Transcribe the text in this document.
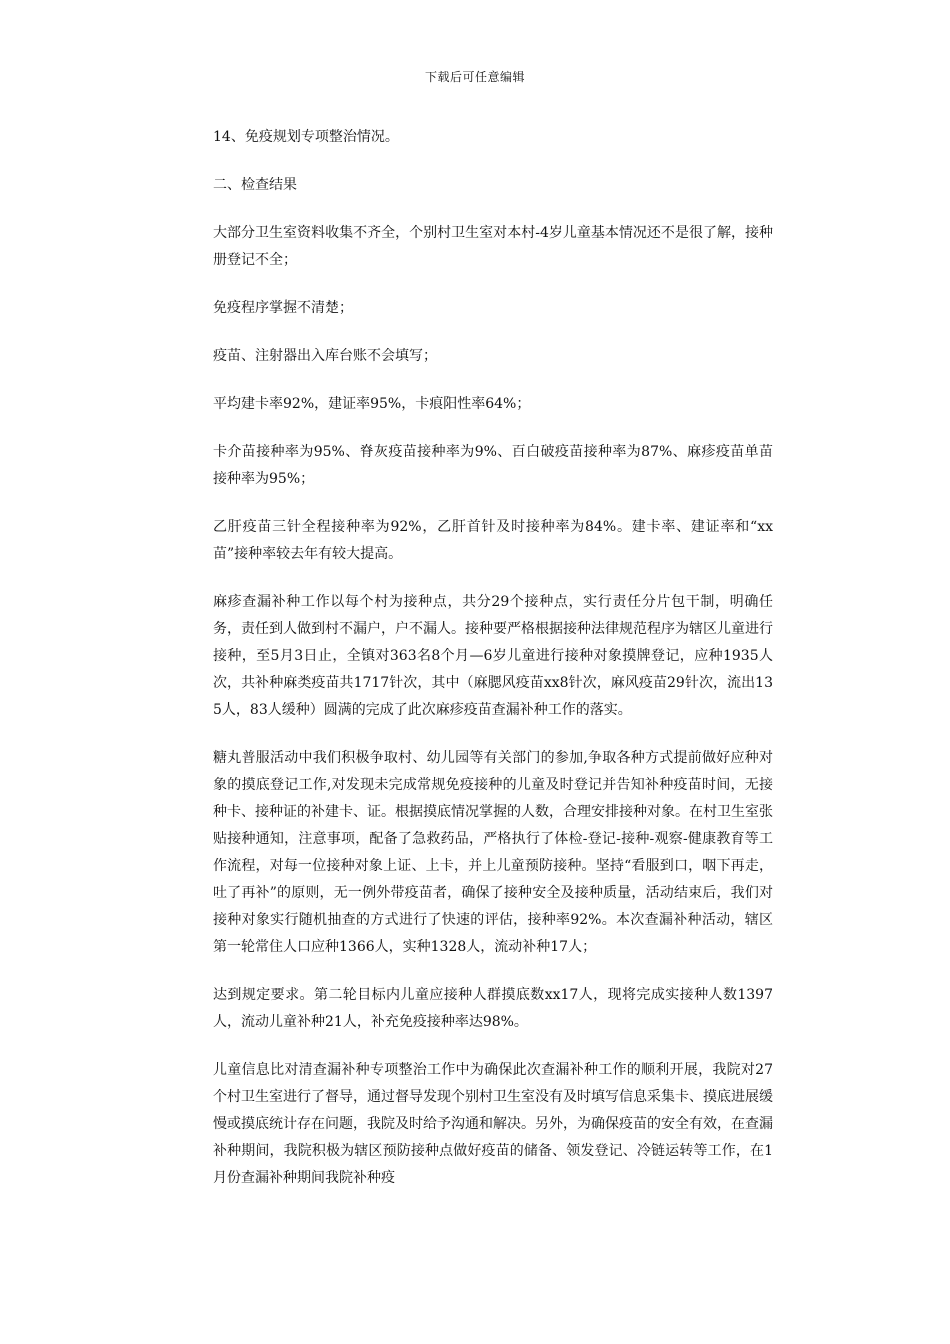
下载后可任意编辑

14、免疫规划专项整治情况。

二、检查结果

大部分卫生室资料收集不齐全，个别村卫生室对本村-4岁儿童基本情况还不是很了解，接种册登记不全；

免疫程序掌握不清楚；

疫苗、注射器出入库台账不会填写；

平均建卡率92%，建证率95%，卡痕阳性率64%；

卡介苗接种率为95%、脊灰疫苗接种率为9%、百白破疫苗接种率为87%、麻疹疫苗单苗接种率为95%；

乙肝疫苗三针全程接种率为92%，乙肝首针及时接种率为84%。建卡率、建证率和“xx苗”接种率较去年有较大提高。

麻疹查漏补种工作以每个村为接种点，共分29个接种点，实行责任分片包干制，明确任务，责任到人做到村不漏户，户不漏人。接种要严格根据接种法律规范程序为辖区儿童进行接种，至5月3日止，全镇对363名8个月—6岁儿童进行接种对象摸牌登记，应种1935人次，共补种麻类疫苗共1717针次，其中（麻腮风疫苗xx8针次，麻风疫苗29针次，流出135人，83人缓种）圆满的完成了此次麻疹疫苗查漏补种工作的落实。

糖丸普服活动中我们积极争取村、幼儿园等有关部门的参加,争取各种方式提前做好应种对象的摸底登记工作,对发现未完成常规免疫接种的儿童及时登记并告知补种疫苗时间，无接种卡、接种证的补建卡、证。根据摸底情况掌握的人数，合理安排接种对象。在村卫生室张贴接种通知，注意事项，配备了急救药品，严格执行了体检-登记-接种-观察-健康教育等工作流程，对每一位接种对象上证、上卡，并上儿童预防接种。坚持“看服到口，咽下再走，吐了再补”的原则，无一例外带疫苗者，确保了接种安全及接种质量，活动结束后，我们对接种对象实行随机抽查的方式进行了快速的评估，接种率92%。本次查漏补种活动，辖区第一轮常住人口应种1366人，实种1328人，流动补种17人；

达到规定要求。第二轮目标内儿童应接种人群摸底数xx17人，现将完成实接种人数1397人，流动儿童补种21人，补充免疫接种率达98%。

儿童信息比对清查漏补种专项整治工作中为确保此次查漏补种工作的顺利开展，我院对27个村卫生室进行了督导，通过督导发现个别村卫生室没有及时填写信息采集卡、摸底进展缓慢或摸底统计存在问题，我院及时给予沟通和解决。另外，为确保疫苗的安全有效，在查漏补种期间，我院积极为辖区预防接种点做好疫苗的储备、领发登记、冷链运转等工作，在1月份查漏补种期间我院补种疫
